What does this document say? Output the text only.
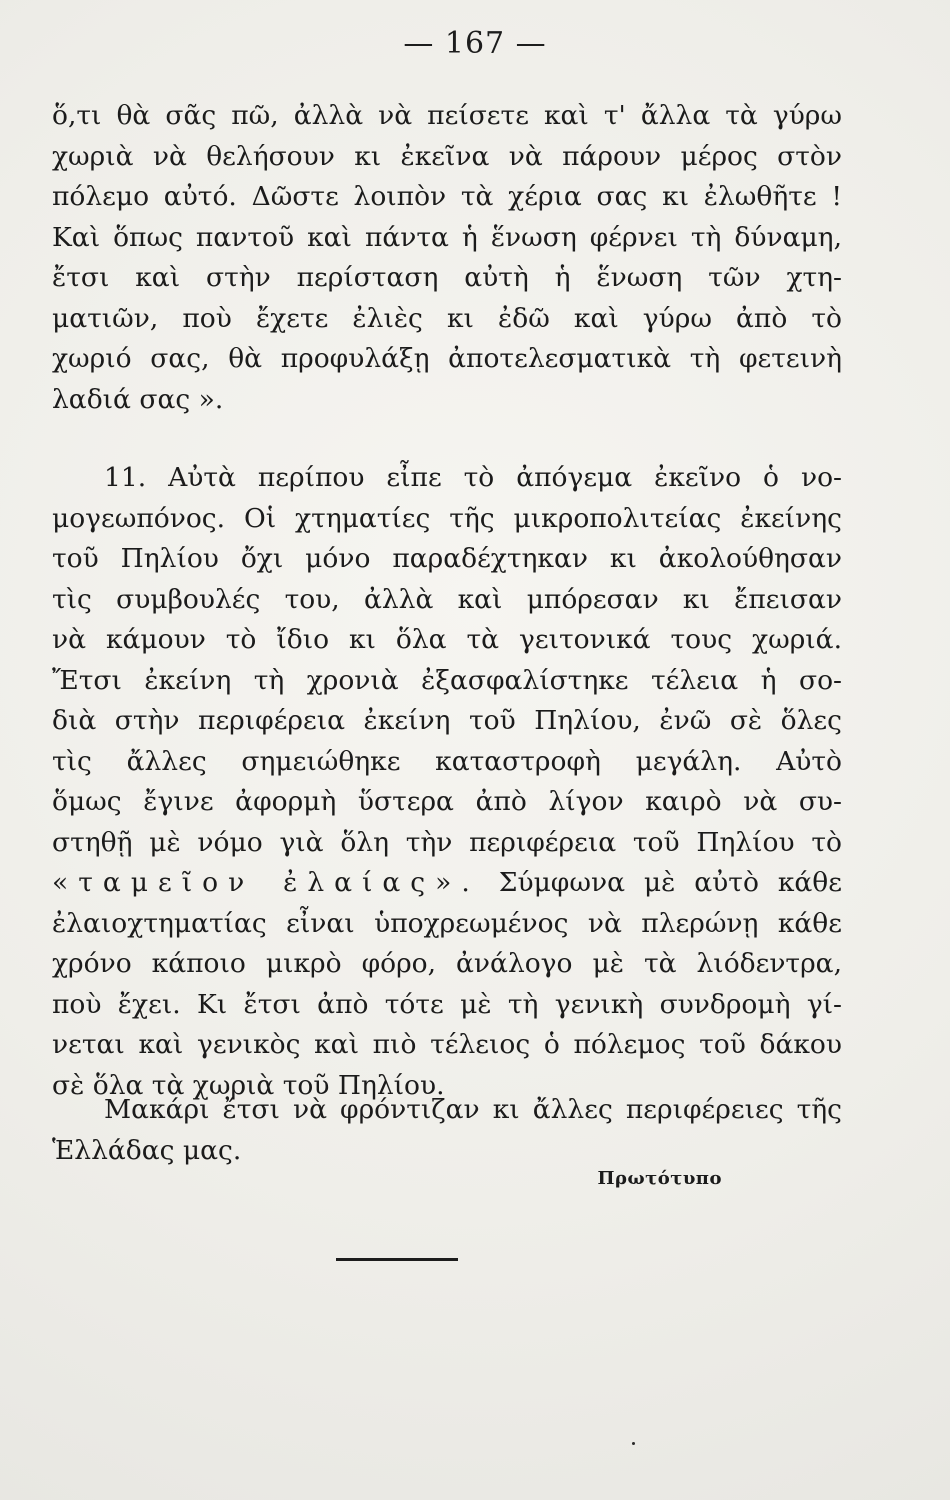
— 167 —
ὅ,τι θὰ σᾶς πῶ, ἀλλὰ νὰ πείσετε καὶ τ' ἄλλα τὰ γύρω
χωριὰ νὰ θελήσουν κι ἐκεῖνα νὰ πάρουν μέρος στὸν
πόλεμο αὐτό. Δῶστε λοιπὸν τὰ χέρια σας κι ἐλωθῆτε !
Καὶ ὅπως παντοῦ καὶ πάντα ἡ ἕνωση φέρνει τὴ δύναμη,
ἔτσι καὶ στὴν περίσταση αὐτὴ ἡ ἕνωση τῶν χτη-
ματιῶν, ποὺ ἔχετε ἐλιὲς κι ἐδῶ καὶ γύρω ἀπὸ τὸ
χωριό σας, θὰ προφυλάξῃ ἀποτελεσματικὰ τὴ φετεινὴ
λαδιά σας ».
11. Αὐτὰ περίπου εἶπε τὸ ἀπόγεμα ἐκεῖνο ὁ νο-
μογεωπόνος. Οἱ χτηματίες τῆς μικροπολιτείας ἐκείνης
τοῦ Πηλίου ὄχι μόνο παραδέχτηκαν κι ἀκολούθησαν
τὶς συμβουλές του, ἀλλὰ καὶ μπόρεσαν κι ἔπεισαν
νὰ κάμουν τὸ ἴδιο κι ὅλα τὰ γειτονικά τους χωριά.
Ἔτσι ἐκείνη τὴ χρονιὰ ἐξασφαλίστηκε τέλεια ἡ σο-
διὰ στὴν περιφέρεια ἐκείνη τοῦ Πηλίου, ἐνῶ σὲ ὅλες
τὶς ἄλλες σημειώθηκε καταστροφὴ μεγάλη. Αὐτὸ
ὅμως ἔγινε ἀφορμὴ ὕστερα ἀπὸ λίγον καιρὸ νὰ συ-
στηθῇ μὲ νόμο γιὰ ὅλη τὴν περιφέρεια τοῦ Πηλίου τὸ
«ταμεῖον ἐλαίας». Σύμφωνα μὲ αὐτὸ κάθε
ἐλαιοχτηματίας εἶναι ὑποχρεωμένος νὰ πλερώνῃ κάθε
χρόνο κάποιο μικρὸ φόρο, ἀνάλογο μὲ τὰ λιόδεντρα,
ποὺ ἔχει. Κι ἔτσι ἀπὸ τότε μὲ τὴ γενικὴ συνδρομὴ γί-
νεται καὶ γενικὸς καὶ πιὸ τέλειος ὁ πόλεμος τοῦ δάκου
σὲ ὅλα τὰ χωριὰ τοῦ Πηλίου.
Μακάρι ἔτσι νὰ φρόντιζαν κι ἄλλες περιφέρειες τῆς
Ἑλλάδας μας.
Πρωτότυπο
